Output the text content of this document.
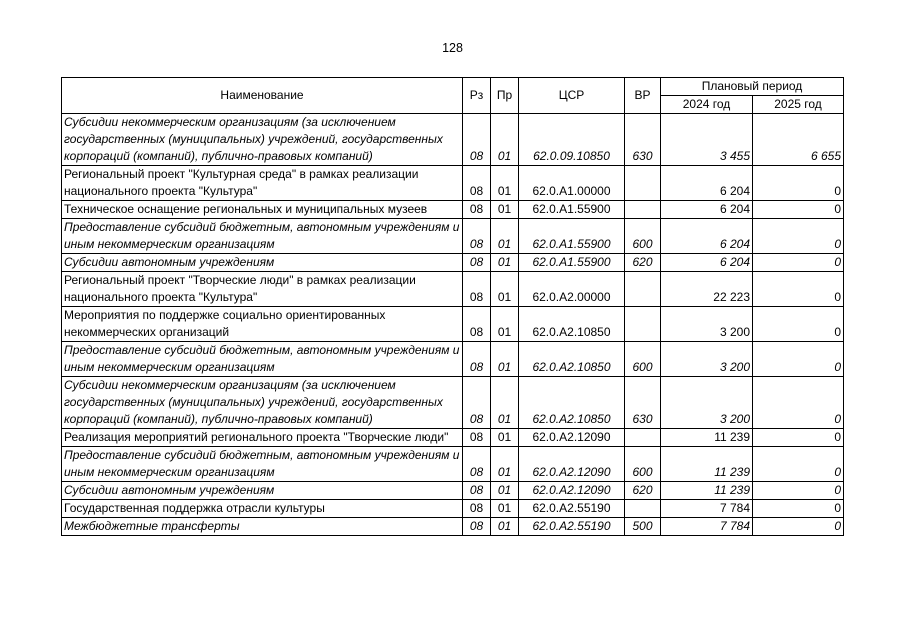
128
Наименование	Рз	Пр	ЦСР	ВР	Плановый период	
					2024 год	2025 год
Субсидии некоммерческим организациям (за исключением государственных (муниципальных) учреждений, государственных корпораций (компаний), публично-правовых компаний)	08	01	62.0.09.10850	630	3 455	6 655
Региональный проект "Культурная среда" в рамках реализации национального проекта "Культура"	08	01	62.0.А1.00000		6 204	0
Техническое оснащение региональных и муниципальных музеев	08	01	62.0.А1.55900		6 204	0
Предоставление субсидий бюджетным, автономным учреждениям и иным некоммерческим организациям	08	01	62.0.А1.55900	600	6 204	0
Субсидии автономным учреждениям	08	01	62.0.А1.55900	620	6 204	0
Региональный проект "Творческие люди" в рамках реализации национального проекта "Культура"	08	01	62.0.А2.00000		22 223	0
Мероприятия по поддержке социально ориентированных некоммерческих организаций	08	01	62.0.А2.10850		3 200	0
Предоставление субсидий бюджетным, автономным учреждениям и иным некоммерческим организациям	08	01	62.0.А2.10850	600	3 200	0
Субсидии некоммерческим организациям (за исключением государственных (муниципальных) учреждений, государственных корпораций (компаний), публично-правовых компаний)	08	01	62.0.А2.10850	630	3 200	0
Реализация мероприятий регионального проекта "Творческие люди"	08	01	62.0.А2.12090		11 239	0
Предоставление субсидий бюджетным, автономным учреждениям и иным некоммерческим организациям	08	01	62.0.А2.12090	600	11 239	0
Субсидии автономным учреждениям	08	01	62.0.А2.12090	620	11 239	0
Государственная поддержка отрасли культуры	08	01	62.0.А2.55190		7 784	0
Межбюджетные трансферты	08	01	62.0.А2.55190	500	7 784	0
